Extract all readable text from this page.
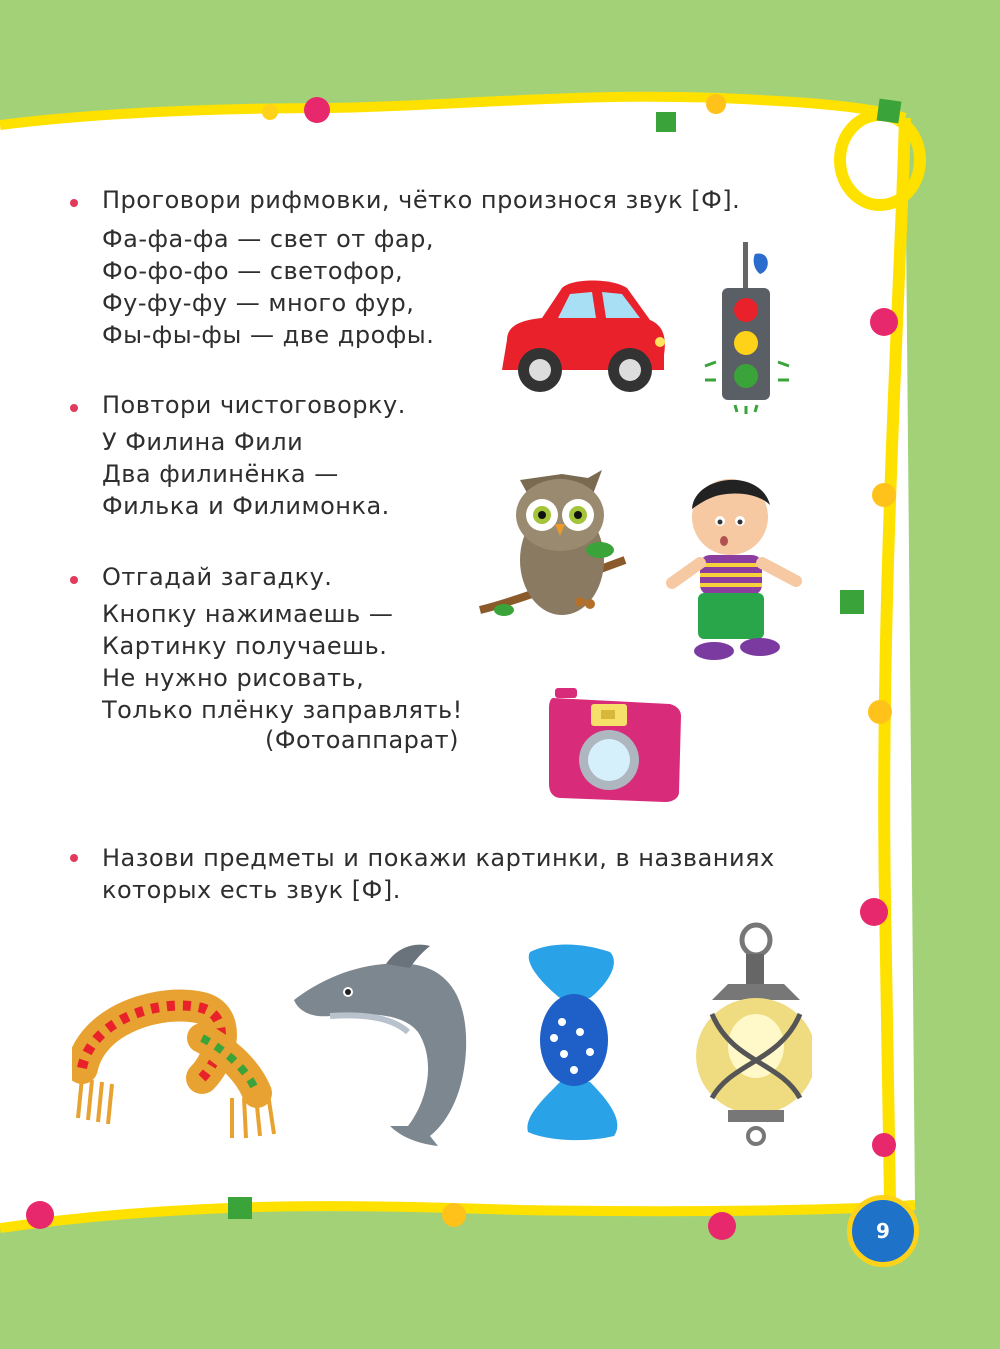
Проговори рифмовки, чётко произнося звук [Ф].
Фа-фа-фа — свет от фар,
Фо-фо-фо — светофор,
Фу-фу-фу — много фур,
Фы-фы-фы — две дрофы.
Повтори чистоговорку.
У Филина Фили
Два филинёнка —
Филька и Филимонка.
Отгадай загадку.
Кнопку нажимаешь —
Картинку получаешь.
Не нужно рисовать,
Только плёнку заправлять!
(Фотоаппарат)
Назови предметы и покажи картинки, в названиях
которых есть звук [Ф].
9
